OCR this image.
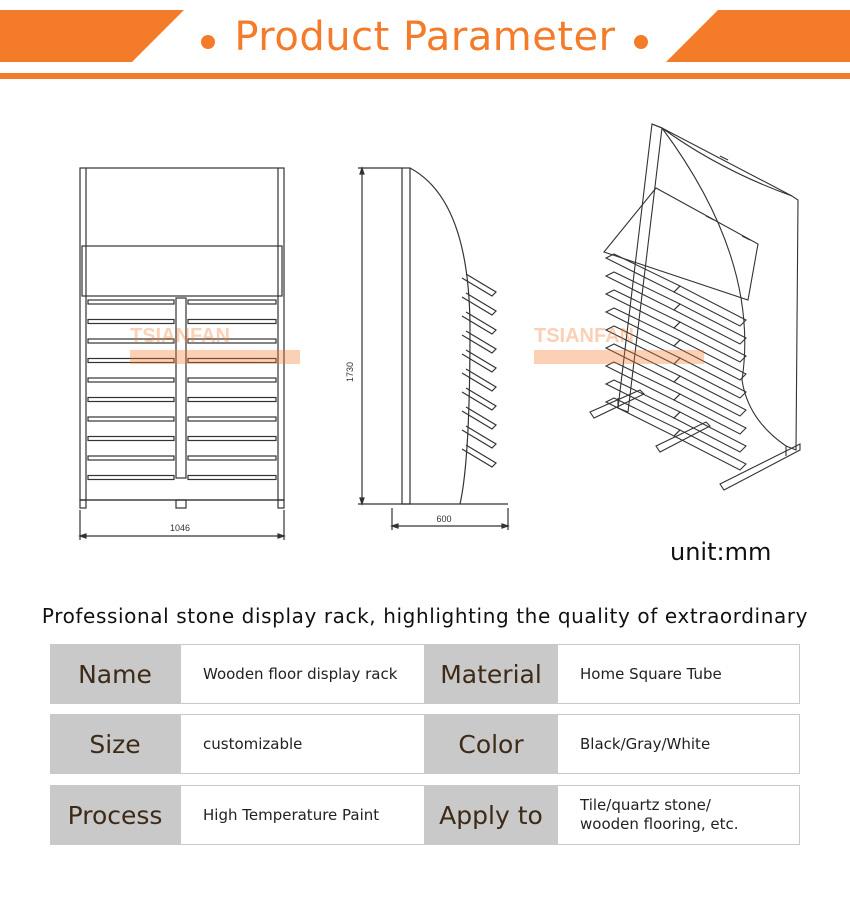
Product Parameter
1046
1730
600
TSIANFAN	TSIANFAN
unit:mm
Professional stone display rack, highlighting the quality of extraordinary
Name	Wooden floor display rack	Material	Home Square Tube
Size	customizable	Color	Black/Gray/White
Process	High Temperature Paint	Apply to	Tile/quartz stone/
wooden flooring, etc.
